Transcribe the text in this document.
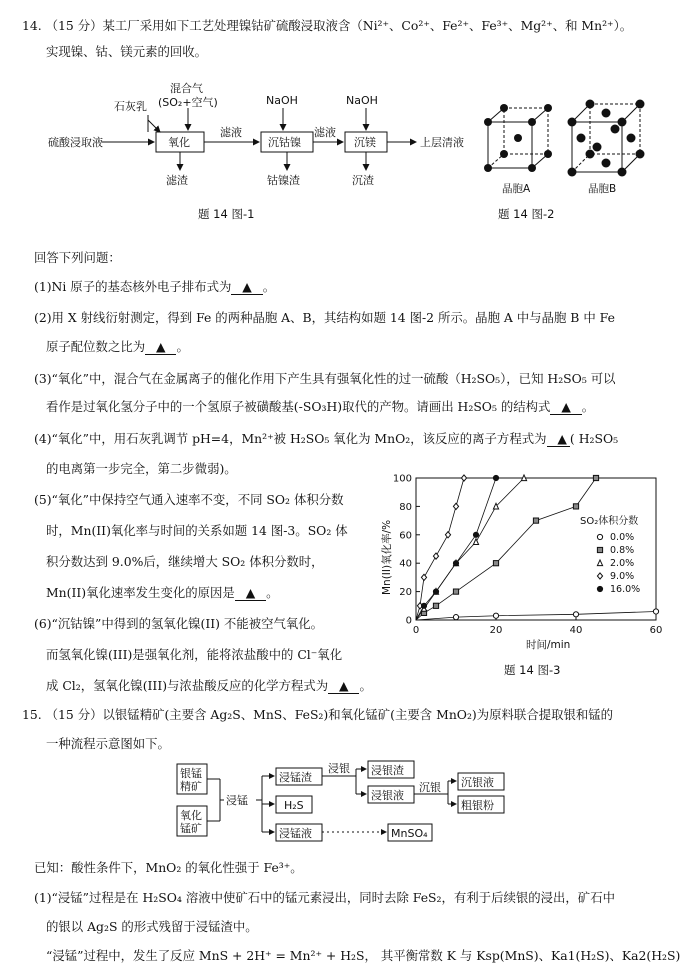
14. （15 分）某工厂采用如下工艺处理镍钴矿硫酸浸取液含（Ni²⁺、Co²⁺、Fe²⁺、Fe³⁺、Mg²⁺、和 Mn²⁺）。
实现镍、钴、镁元素的回收。
混合气
(SO₂+空气)
石灰乳	NaOH	NaOH
硫酸浸取液	氧化
滤液
沉钴镍
滤液
沉镁	上层清液
滤渣	钴镍渣	沉渣
题 14 图-1
晶胞A	晶胞B
题 14 图-2
回答下列问题：
(1)Ni 原子的基态核外电子排布式为 ▲ 。
(2)用 X 射线衍射测定，得到 Fe 的两种晶胞 A、B，其结构如题 14 图-2 所示。晶胞 A 中与晶胞 B 中 Fe
原子配位数之比为 ▲ 。
(3)“氧化”中，混合气在金属离子的催化作用下产生具有强氧化性的过一硫酸（H₂SO₅），已知 H₂SO₅ 可以
看作是过氧化氢分子中的一个氢原子被磺酸基(-SO₃H)取代的产物。请画出 H₂SO₅ 的结构式 ▲ 。
(4)“氧化”中，用石灰乳调节 pH=4，Mn²⁺被 H₂SO₅ 氧化为 MnO₂，该反应的离子方程式为 ▲ ( H₂SO₅
的电离第一步完全，第二步微弱)。
(5)“氧化”中保持空气通入速率不变，不同 SO₂ 体积分数
时，Mn(II)氧化率与时间的关系如题 14 图-3。SO₂ 体
积分数达到 9.0%后，继续增大 SO₂ 体积分数时，
Mn(II)氧化速率发生变化的原因是 ▲ 。
(6)“沉钴镍”中得到的氢氧化镍(II) 不能被空气氧化。
而氢氧化镍(III)是强氧化剂，能将浓盐酸中的 Cl⁻氧化
成 Cl₂，氢氧化镍(III)与浓盐酸反应的化学方程式为 ▲ 。
0	20	40	60
0
20
40
60
80
100
时间/min
Mn(II)氧化率/%	SO₂体积分数
0.0%
0.8%
2.0%
9.0%
16.0%
题 14 图-3
15. （15 分）以银锰精矿(主要含 Ag₂S、MnS、FeS₂)和氧化锰矿(主要含 MnO₂)为原料联合提取银和锰的
一种流程示意图如下。
银锰
精矿
氧化
锰矿
浸锰
浸锰渣
浸银 浸银渣
浸银液
沉银 沉银液
粗银粉
H₂S
浸锰液	MnSO₄
已知：酸性条件下，MnO₂ 的氧化性强于 Fe³⁺。
(1)“浸锰”过程是在 H₂SO₄ 溶液中使矿石中的锰元素浸出，同时去除 FeS₂，有利于后续银的浸出，矿石中
的银以 Ag₂S 的形式残留于浸锰渣中。
“浸锰”过程中，发生了反应 MnS + 2H⁺ = Mn²⁺ + H₂S， 其平衡常数 K 与 Ksp(MnS)、Ka1(H₂S)、Ka2(H₂S)
